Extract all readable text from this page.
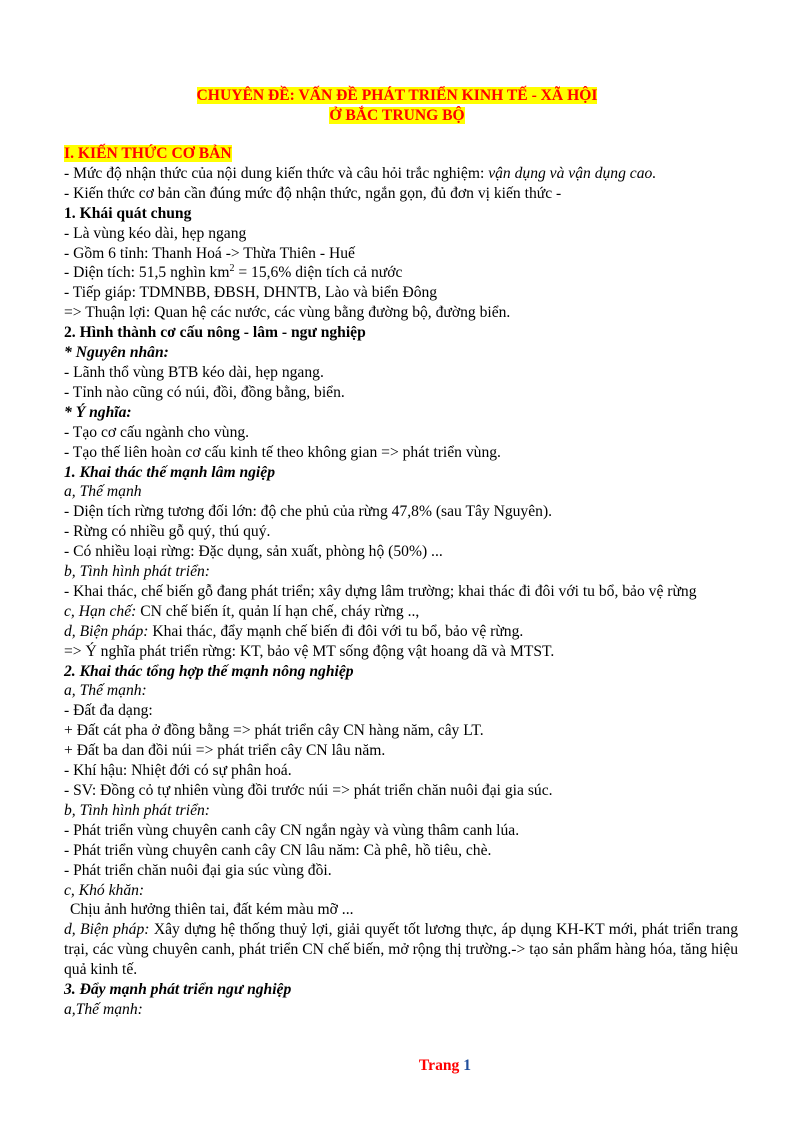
CHUYÊN ĐỀ: VẤN ĐỀ PHÁT TRIỂN KINH TẾ - XÃ HỘI
Ở BẮC TRUNG BỘ
I. KIẾN THỨC CƠ BẢN
- Mức độ nhận thức của nội dung kiến thức và câu hỏi trắc nghiệm: vận dụng và vận dụng cao.
- Kiến thức cơ bản cần đúng mức độ nhận thức, ngắn gọn, đủ đơn vị kiến thức -
1. Khái quát chung
- Là vùng kéo dài, hẹp ngang
- Gồm 6 tỉnh: Thanh Hoá -> Thừa Thiên - Huế
- Diện tích: 51,5 nghìn $km^2 = 15,6\%$ diện tích cả nước
- Tiếp giáp: TDMNBB, ĐBSH, DHNTB, Lào và biển Đông
=> Thuận lợi: Quan hệ các nước, các vùng bằng đường bộ, đường biển.
2. Hình thành cơ cấu nông - lâm - ngư nghiệp
* Nguyên nhân:
- Lãnh thổ vùng BTB kéo dài, hẹp ngang.
- Tỉnh nào cũng có núi, đồi, đồng bằng, biển.
* Ý nghĩa:
- Tạo cơ cấu ngành cho vùng.
- Tạo thế liên hoàn cơ cấu kinh tế theo không gian => phát triển vùng.
1. Khai thác thế mạnh lâm ngiệp
a, Thế mạnh
- Diện tích rừng tương đối lớn: độ che phủ của rừng 47,8% (sau Tây Nguyên).
- Rừng có nhiều gỗ quý, thú quý.
- Có nhiều loại rừng: Đặc dụng, sản xuất, phòng hộ (50%) ...
b, Tình hình phát triển:
- Khai thác, chế biến gỗ đang phát triển; xây dựng lâm trường; khai thác đi đôi với tu bổ, bảo vệ rừng
c, Hạn chế: CN chế biến ít, quản lí hạn chế, cháy rừng ..,
d, Biện pháp: Khai thác, đẩy mạnh chế biến đi đôi với tu bổ, bảo vệ rừng.
=> Ý nghĩa phát triển rừng: KT, bảo vệ MT sống động vật hoang dã và MTST.
2. Khai thác tổng hợp thế mạnh nông nghiệp
a, Thế mạnh:
- Đất đa dạng:
+ Đất cát pha ở đồng bằng => phát triển cây CN hàng năm, cây LT.
+ Đất ba dan đồi núi => phát triển cây CN lâu năm.
- Khí hậu: Nhiệt đới có sự phân hoá.
- SV: Đồng cỏ tự nhiên vùng đồi trước núi => phát triển chăn nuôi đại gia súc.
b, Tình hình phát triển:
- Phát triển vùng chuyên canh cây CN ngắn ngày và vùng thâm canh lúa.
- Phát triển vùng chuyên canh cây CN lâu năm: Cà phê, hồ tiêu, chè.
- Phát triển chăn nuôi đại gia súc vùng đồi.
c, Khó khăn:
Chịu ảnh hưởng thiên tai, đất kém màu mỡ ...
d, Biện pháp: Xây dựng hệ thống thuỷ lợi, giải quyết tốt lương thực, áp dụng KH-KT mới, phát triển trang trại, các vùng chuyên canh, phát triển CN chế biến, mở rộng thị trường.-> tạo sản phẩm hàng hóa, tăng hiệu quả kinh tế.
3. Đẩy mạnh phát triển ngư nghiệp
a,Thế mạnh:
Trang 1
